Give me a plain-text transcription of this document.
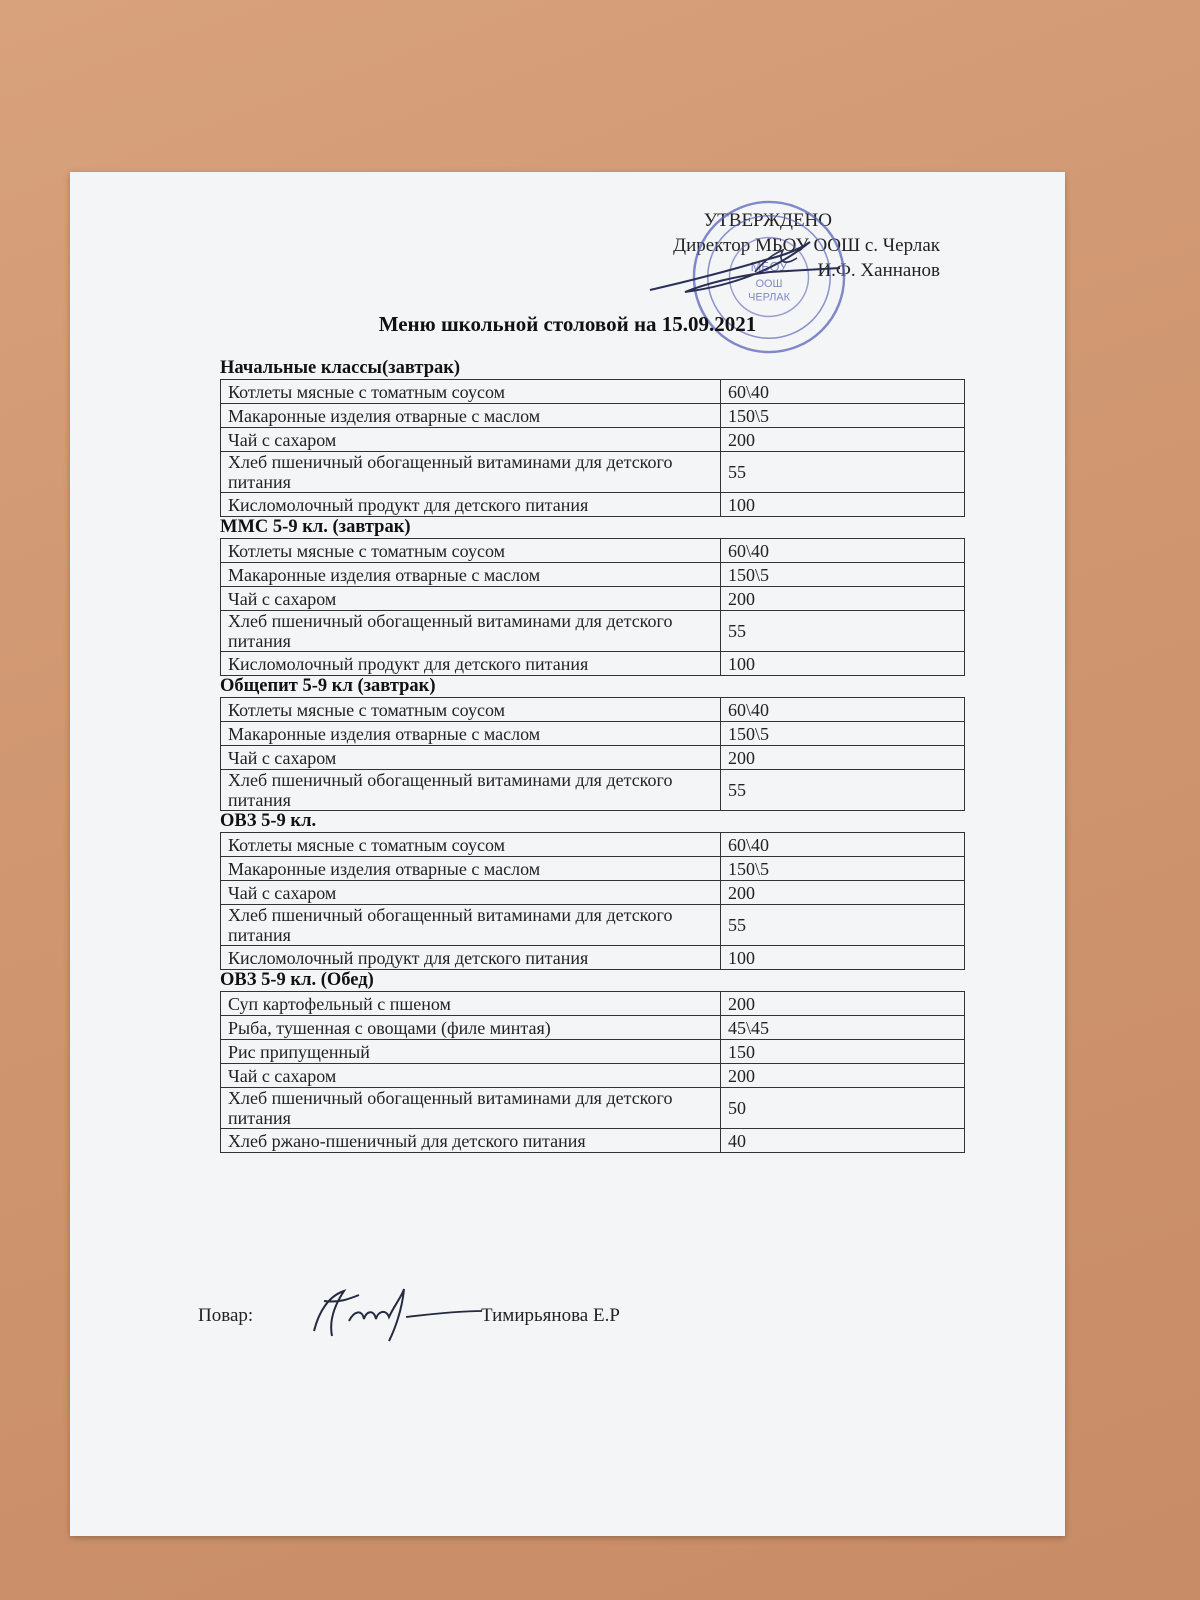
УТВЕРЖДЕНО
Директор МБОУ ООШ с. Черлак
И.Ф. Ханнанов
МБОУ
ООШ
ЧЕРЛАК
Меню школьной столовой на 15.09.2021
Начальные классы(завтрак)
Котлеты мясные с томатным соусом	60\40
Макаронные изделия отварные с маслом	150\5
Чай с сахаром	200
Хлеб пшеничный обогащенный витаминами для детского питания	55
Кисломолочный продукт для детского питания	100
ММС 5-9 кл. (завтрак)
Котлеты мясные с томатным соусом	60\40
Макаронные изделия отварные с маслом	150\5
Чай с сахаром	200
Хлеб пшеничный обогащенный витаминами для детского питания	55
Кисломолочный продукт для детского питания	100
Общепит 5-9 кл (завтрак)
Котлеты мясные с томатным соусом	60\40
Макаронные изделия отварные с маслом	150\5
Чай с сахаром	200
Хлеб пшеничный обогащенный витаминами для детского питания	55
ОВЗ 5-9 кл.
Котлеты мясные с томатным соусом	60\40
Макаронные изделия отварные с маслом	150\5
Чай с сахаром	200
Хлеб пшеничный обогащенный витаминами для детского питания	55
Кисломолочный продукт для детского питания	100
ОВЗ 5-9 кл. (Обед)
Суп картофельный с пшеном	200
Рыба, тушенная с овощами (филе минтая)	45\45
Рис припущенный	150
Чай с сахаром	200
Хлеб пшеничный обогащенный витаминами для детского питания	50
Хлеб ржано-пшеничный для детского питания	40
Повар:	Тимирьянова Е.Р
